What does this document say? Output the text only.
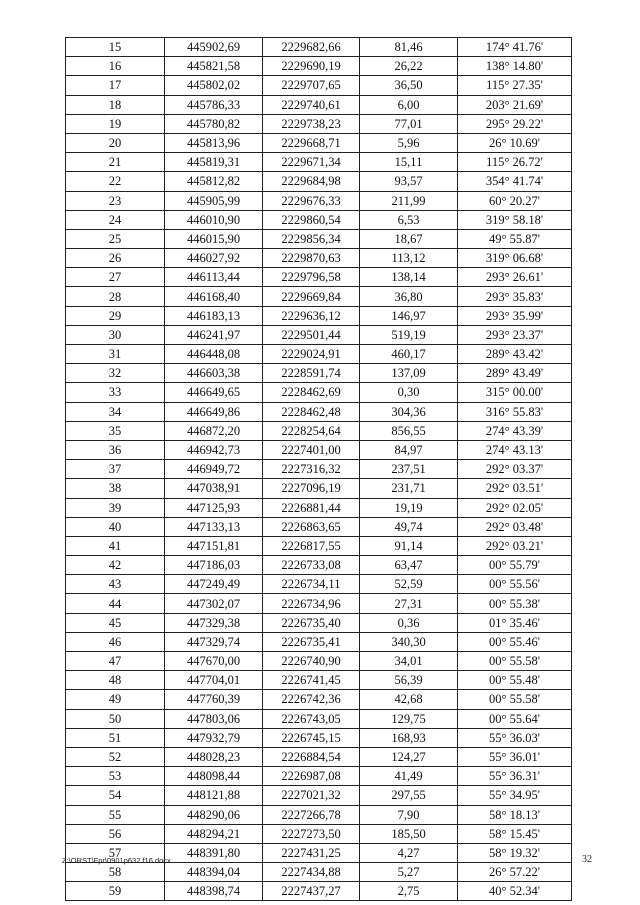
15	445902,69	2229682,66	81,46	174° 41.76'
16	445821,58	2229690,19	26,22	138° 14.80'
17	445802,02	2229707,65	36,50	115° 27.35'
18	445786,33	2229740,61	6,00	203° 21.69'
19	445780,82	2229738,23	77,01	295° 29.22'
20	445813,96	2229668,71	5,96	26° 10.69'
21	445819,31	2229671,34	15,11	115° 26.72'
22	445812,82	2229684,98	93,57	354° 41.74'
23	445905,99	2229676,33	211,99	60° 20.27'
24	446010,90	2229860,54	6,53	319° 58.18'
25	446015,90	2229856,34	18,67	49° 55.87'
26	446027,92	2229870,63	113,12	319° 06.68'
27	446113,44	2229796,58	138,14	293° 26.61'
28	446168,40	2229669,84	36,80	293° 35.83'
29	446183,13	2229636,12	146,97	293° 35.99'
30	446241,97	2229501,44	519,19	293° 23.37'
31	446448,08	2229024,91	460,17	289° 43.42'
32	446603,38	2228591,74	137,09	289° 43.49'
33	446649,65	2228462,69	0,30	315° 00.00'
34	446649,86	2228462,48	304,36	316° 55.83'
35	446872,20	2228254,64	856,55	274° 43.39'
36	446942,73	2227401,00	84,97	274° 43.13'
37	446949,72	2227316,32	237,51	292° 03.37'
38	447038,91	2227096,19	231,71	292° 03.51'
39	447125,93	2226881,44	19,19	292° 02.05'
40	447133,13	2226863,65	49,74	292° 03.48'
41	447151,81	2226817,55	91,14	292° 03.21'
42	447186,03	2226733,08	63,47	00° 55.79'
43	447249,49	2226734,11	52,59	00° 55.56'
44	447302,07	2226734,96	27,31	00° 55.38'
45	447329,38	2226735,40	0,36	01° 35.46'
46	447329,74	2226735,41	340,30	00° 55.46'
47	447670,00	2226740,90	34,01	00° 55.58'
48	447704,01	2226741,45	56,39	00° 55.48'
49	447760,39	2226742,36	42,68	00° 55.58'
50	447803,06	2226743,05	129,75	00° 55.64'
51	447932,79	2226745,15	168,93	55° 36.03'
52	448028,23	2226884,54	124,27	55° 36.01'
53	448098,44	2226987,08	41,49	55° 36.31'
54	448121,88	2227021,32	297,55	55° 34.95'
55	448290,06	2227266,78	7,90	58° 18.13'
56	448294,21	2227273,50	185,50	58° 15.45'
57	448391,80	2227431,25	4,27	58° 19.32'
58	448394,04	2227434,88	5,27	26° 57.22'
59	448398,74	2227437,27	2,75	40° 52.34'
Z:\ORST\Fpr\0901p632.f16.docx	32
